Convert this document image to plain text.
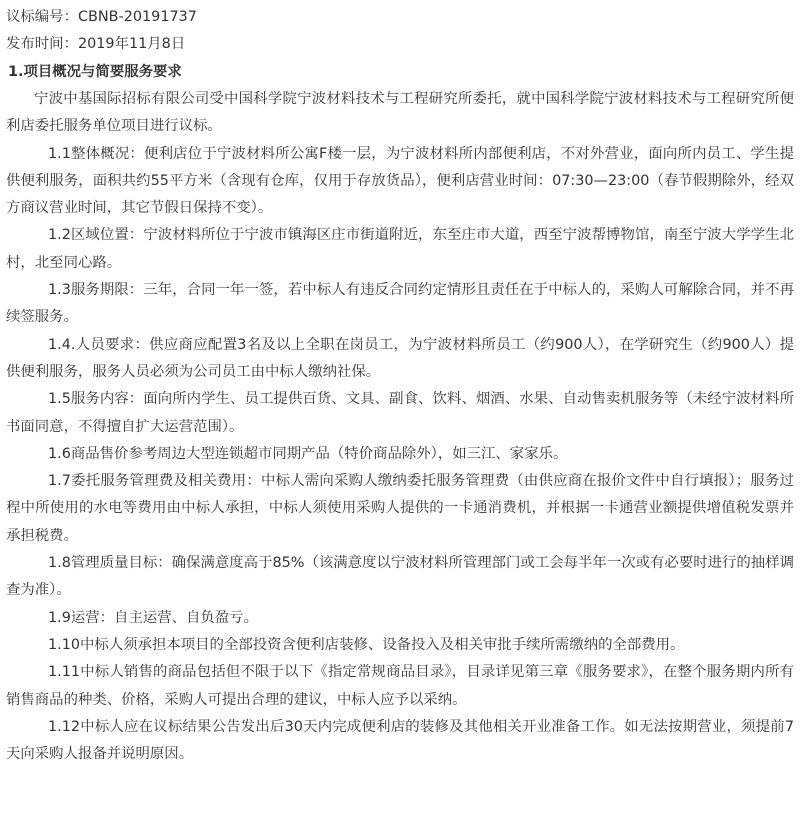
议标编号：CBNB-20191737
发布时间：2019年11月8日
1.项目概况与简要服务要求
宁波中基国际招标有限公司受中国科学院宁波材料技术与工程研究所委托，就中国科学院宁波材料技术与工程研究所便利店委托服务单位项目进行议标。
1.1整体概况：便利店位于宁波材料所公寓F楼一层，为宁波材料所内部便利店，不对外营业，面向所内员工、学生提供便利服务，面积共约55平方米（含现有仓库，仅用于存放货品），便利店营业时间：07:30—23:00（春节假期除外，经双方商议营业时间，其它节假日保持不变）。
1.2区域位置：宁波材料所位于宁波市镇海区庄市街道附近，东至庄市大道，西至宁波帮博物馆，南至宁波大学学生北村，北至同心路。
1.3服务期限：三年，合同一年一签，若中标人有违反合同约定情形且责任在于中标人的，采购人可解除合同，并不再续签服务。
1.4.人员要求：供应商应配置3名及以上全职在岗员工，为宁波材料所员工（约900人），在学研究生（约900人）提供便利服务，服务人员必须为公司员工由中标人缴纳社保。
1.5服务内容：面向所内学生、员工提供百货、文具、副食、饮料、烟酒、水果、自动售卖机服务等（未经宁波材料所书面同意，不得擅自扩大运营范围）。
1.6商品售价参考周边大型连锁超市同期产品（特价商品除外），如三江、家家乐。
1.7委托服务管理费及相关费用：中标人需向采购人缴纳委托服务管理费（由供应商在报价文件中自行填报）；服务过程中所使用的水电等费用由中标人承担，中标人须使用采购人提供的一卡通消费机，并根据一卡通营业额提供增值税发票并承担税费。
1.8管理质量目标：确保满意度高于85%（该满意度以宁波材料所管理部门或工会每半年一次或有必要时进行的抽样调查为准）。
1.9运营：自主运营、自负盈亏。
1.10中标人须承担本项目的全部投资含便利店装修、设备投入及相关审批手续所需缴纳的全部费用。
1.11中标人销售的商品包括但不限于以下《指定常规商品目录》，目录详见第三章《服务要求》，在整个服务期内所有销售商品的种类、价格，采购人可提出合理的建议，中标人应予以采纳。
1.12中标人应在议标结果公告发出后30天内完成便利店的装修及其他相关开业准备工作。如无法按期营业，须提前7天向采购人报备并说明原因。
